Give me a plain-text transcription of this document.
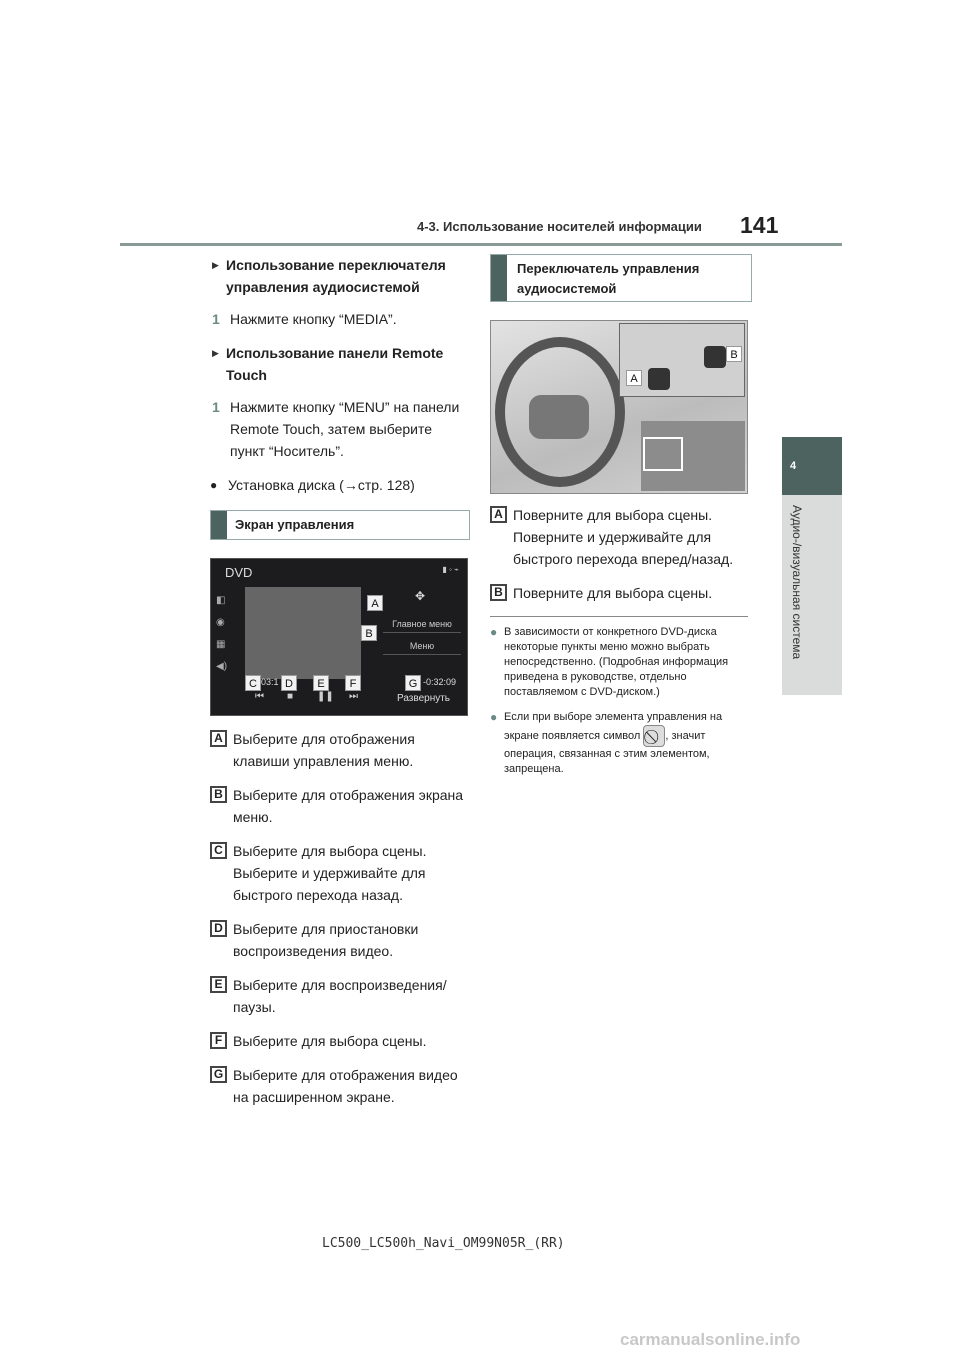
141
4-3. Использование носителей информации
4
Аудио-/визуальная система
▶ Использование переключателя управления аудиосистемой
1 Нажмите кнопку “MEDIA”.
▶ Использование панели Remote Touch
1 Нажмите кнопку “MENU” на панели Remote Touch, затем выберите пункт “Носитель”.
● Установка диска (→стр. 128)
Экран управления
DVD	▮ ◦ ⌁
◧
◉
▦
◀)
✥
Главное меню
Меню
03:1	-0:32:09
⏮ ■ ❚❚ ⏭	Развернуть
A
B
C	D	E	F	G
A Выберите для отображения клавиши управления меню.
B Выберите для отображения экрана меню.
C Выберите для выбора сцены. Выберите и удерживайте для быстрого перехода назад.
D Выберите для приостановки воспроизведения видео.
E Выберите для воспроизведения/паузы.
F Выберите для выбора сцены.
G Выберите для отображения видео на расширенном экране.
Переключатель управления аудиосистемой
A
B
A Поверните для выбора сцены. Поверните и удерживайте для быстрого перехода вперед/назад.
B Поверните для выбора сцены.
● В зависимости от конкретного DVD-диска некоторые пункты меню можно выбрать непосредственно. (Подробная информация приведена в руководстве, отдельно поставляемом с DVD-диском.)
● Если при выборе элемента управления на экране появляется символ , значит операция, связанная с этим элементом, запрещена.
LC500_LC500h_Navi_OM99N05R_(RR)
carmanualsonline.info
